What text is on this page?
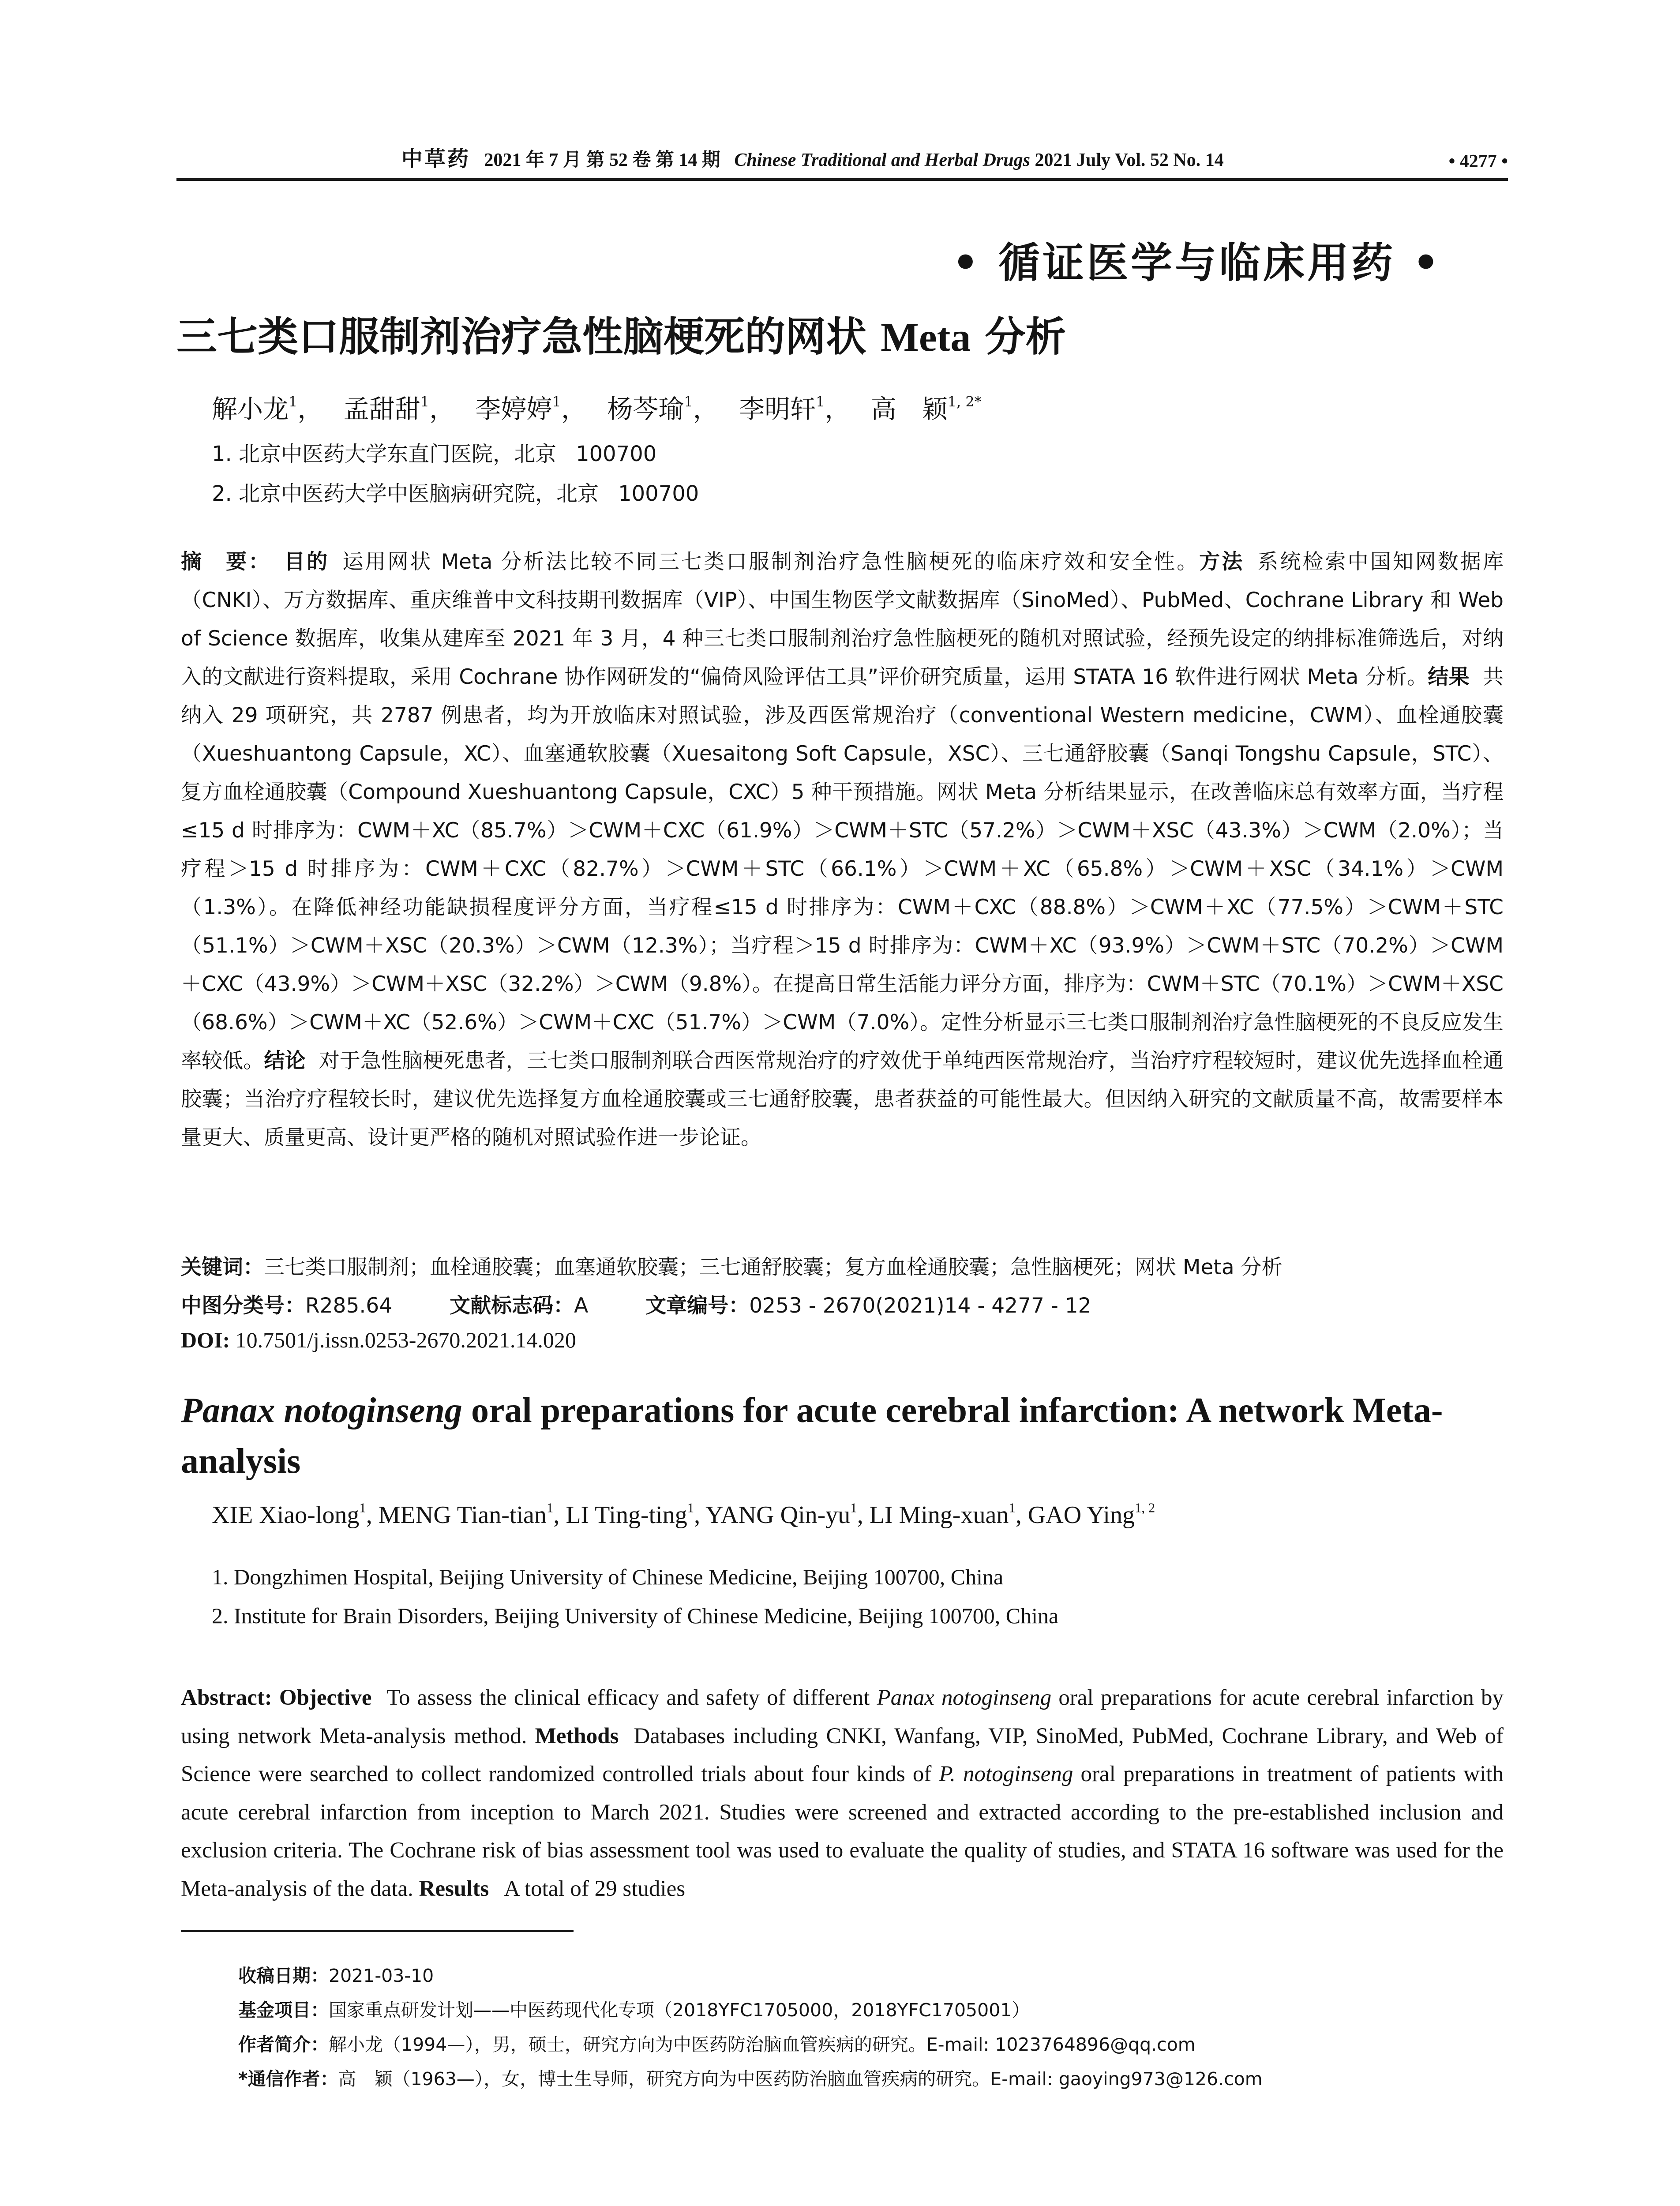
中草药 2021 年 7 月 第 52 卷 第 14 期 Chinese Traditional and Herbal Drugs 2021 July Vol. 52 No. 14	• 4277 •
• 循证医学与临床用药 •
三七类口服制剂治疗急性脑梗死的网状 Meta 分析
解小龙$^1$， 孟甜甜$^1$， 李婷婷$^1$， 杨芩瑜$^1$， 李明轩$^1$， 高　颖$^{1, 2*}$
1. 北京中医药大学东直门医院，北京 100700
2. 北京中医药大学中医脑病研究院，北京 100700
摘　要： 目的 运用网状 Meta 分析法比较不同三七类口服制剂治疗急性脑梗死的临床疗效和安全性。方法 系统检索中国知网数据库（CNKI）、万方数据库、重庆维普中文科技期刊数据库（VIP）、中国生物医学文献数据库（SinoMed）、PubMed、Cochrane Library 和 Web of Science 数据库，收集从建库至 2021 年 3 月，4 种三七类口服制剂治疗急性脑梗死的随机对照试验，经预先设定的纳排标准筛选后，对纳入的文献进行资料提取，采用 Cochrane 协作网研发的“偏倚风险评估工具”评价研究质量，运用 STATA 16 软件进行网状 Meta 分析。结果 共纳入 29 项研究，共 2787 例患者，均为开放临床对照试验，涉及西医常规治疗（conventional Western medicine，CWM）、血栓通胶囊（Xueshuantong Capsule，XC）、血塞通软胶囊（Xuesaitong Soft Capsule，XSC）、三七通舒胶囊（Sanqi Tongshu Capsule，STC）、复方血栓通胶囊（Compound Xueshuantong Capsule，CXC）5 种干预措施。网状 Meta 分析结果显示，在改善临床总有效率方面，当疗程≤15 d 时排序为：CWM＋XC（85.7%）＞CWM＋CXC（61.9%）＞CWM＋STC（57.2%）＞CWM＋XSC（43.3%）＞CWM（2.0%）；当疗程＞15 d 时排序为：CWM＋CXC（82.7%）＞CWM＋STC（66.1%）＞CWM＋XC（65.8%）＞CWM＋XSC（34.1%）＞CWM（1.3%）。在降低神经功能缺损程度评分方面，当疗程≤15 d 时排序为：CWM＋CXC（88.8%）＞CWM＋XC（77.5%）＞CWM＋STC（51.1%）＞CWM＋XSC（20.3%）＞CWM（12.3%）；当疗程＞15 d 时排序为：CWM＋XC（93.9%）＞CWM＋STC（70.2%）＞CWM＋CXC（43.9%）＞CWM＋XSC（32.2%）＞CWM（9.8%）。在提高日常生活能力评分方面，排序为：CWM＋STC（70.1%）＞CWM＋XSC（68.6%）＞CWM＋XC（52.6%）＞CWM＋CXC（51.7%）＞CWM（7.0%）。定性分析显示三七类口服制剂治疗急性脑梗死的不良反应发生率较低。结论 对于急性脑梗死患者，三七类口服制剂联合西医常规治疗的疗效优于单纯西医常规治疗，当治疗疗程较短时，建议优先选择血栓通胶囊；当治疗疗程较长时，建议优先选择复方血栓通胶囊或三七通舒胶囊，患者获益的可能性最大。但因纳入研究的文献质量不高，故需要样本量更大、质量更高、设计更严格的随机对照试验作进一步论证。
关键词：三七类口服制剂；血栓通胶囊；血塞通软胶囊；三七通舒胶囊；复方血栓通胶囊；急性脑梗死；网状 Meta 分析
中图分类号：R285.64	文献标志码：A	文章编号：0253 - 2670(2021)14 - 4277 - 12
DOI: 10.7501/j.issn.0253-2670.2021.14.020
Panax notoginseng oral preparations for acute cerebral infarction: A network Meta-analysis
XIE Xiao-long$^1$, MENG Tian-tian$^1$, LI Ting-ting$^1$, YANG Qin-$yu^1$, LI Ming-xuan$^1$, GAO Ying$^{1, 2}$
1. Dongzhimen Hospital, Beijing University of Chinese Medicine, Beijing 100700, China
2. Institute for Brain Disorders, Beijing University of Chinese Medicine, Beijing 100700, China
Abstract: Objective To assess the clinical efficacy and safety of different Panax notoginseng oral preparations for acute cerebral infarction by using network Meta-analysis method. Methods Databases including CNKI, Wanfang, VIP, SinoMed, PubMed, Cochrane Library, and Web of Science were searched to collect randomized controlled trials about four kinds of P. notoginseng oral preparations in treatment of patients with acute cerebral infarction from inception to March 2021. Studies were screened and extracted according to the pre-established inclusion and exclusion criteria. The Cochrane risk of bias assessment tool was used to evaluate the quality of studies, and STATA 16 software was used for the Meta-analysis of the data. Results A total of 29 studies
收稿日期：2021-03-10
基金项目：国家重点研发计划——中医药现代化专项（2018YFC1705000，2018YFC1705001）
作者简介：解小龙（1994—），男，硕士，研究方向为中医药防治脑血管疾病的研究。E-mail: 1023764896@qq.com
*通信作者：高　颖（1963—），女，博士生导师，研究方向为中医药防治脑血管疾病的研究。E-mail: gaoying973@126.com
